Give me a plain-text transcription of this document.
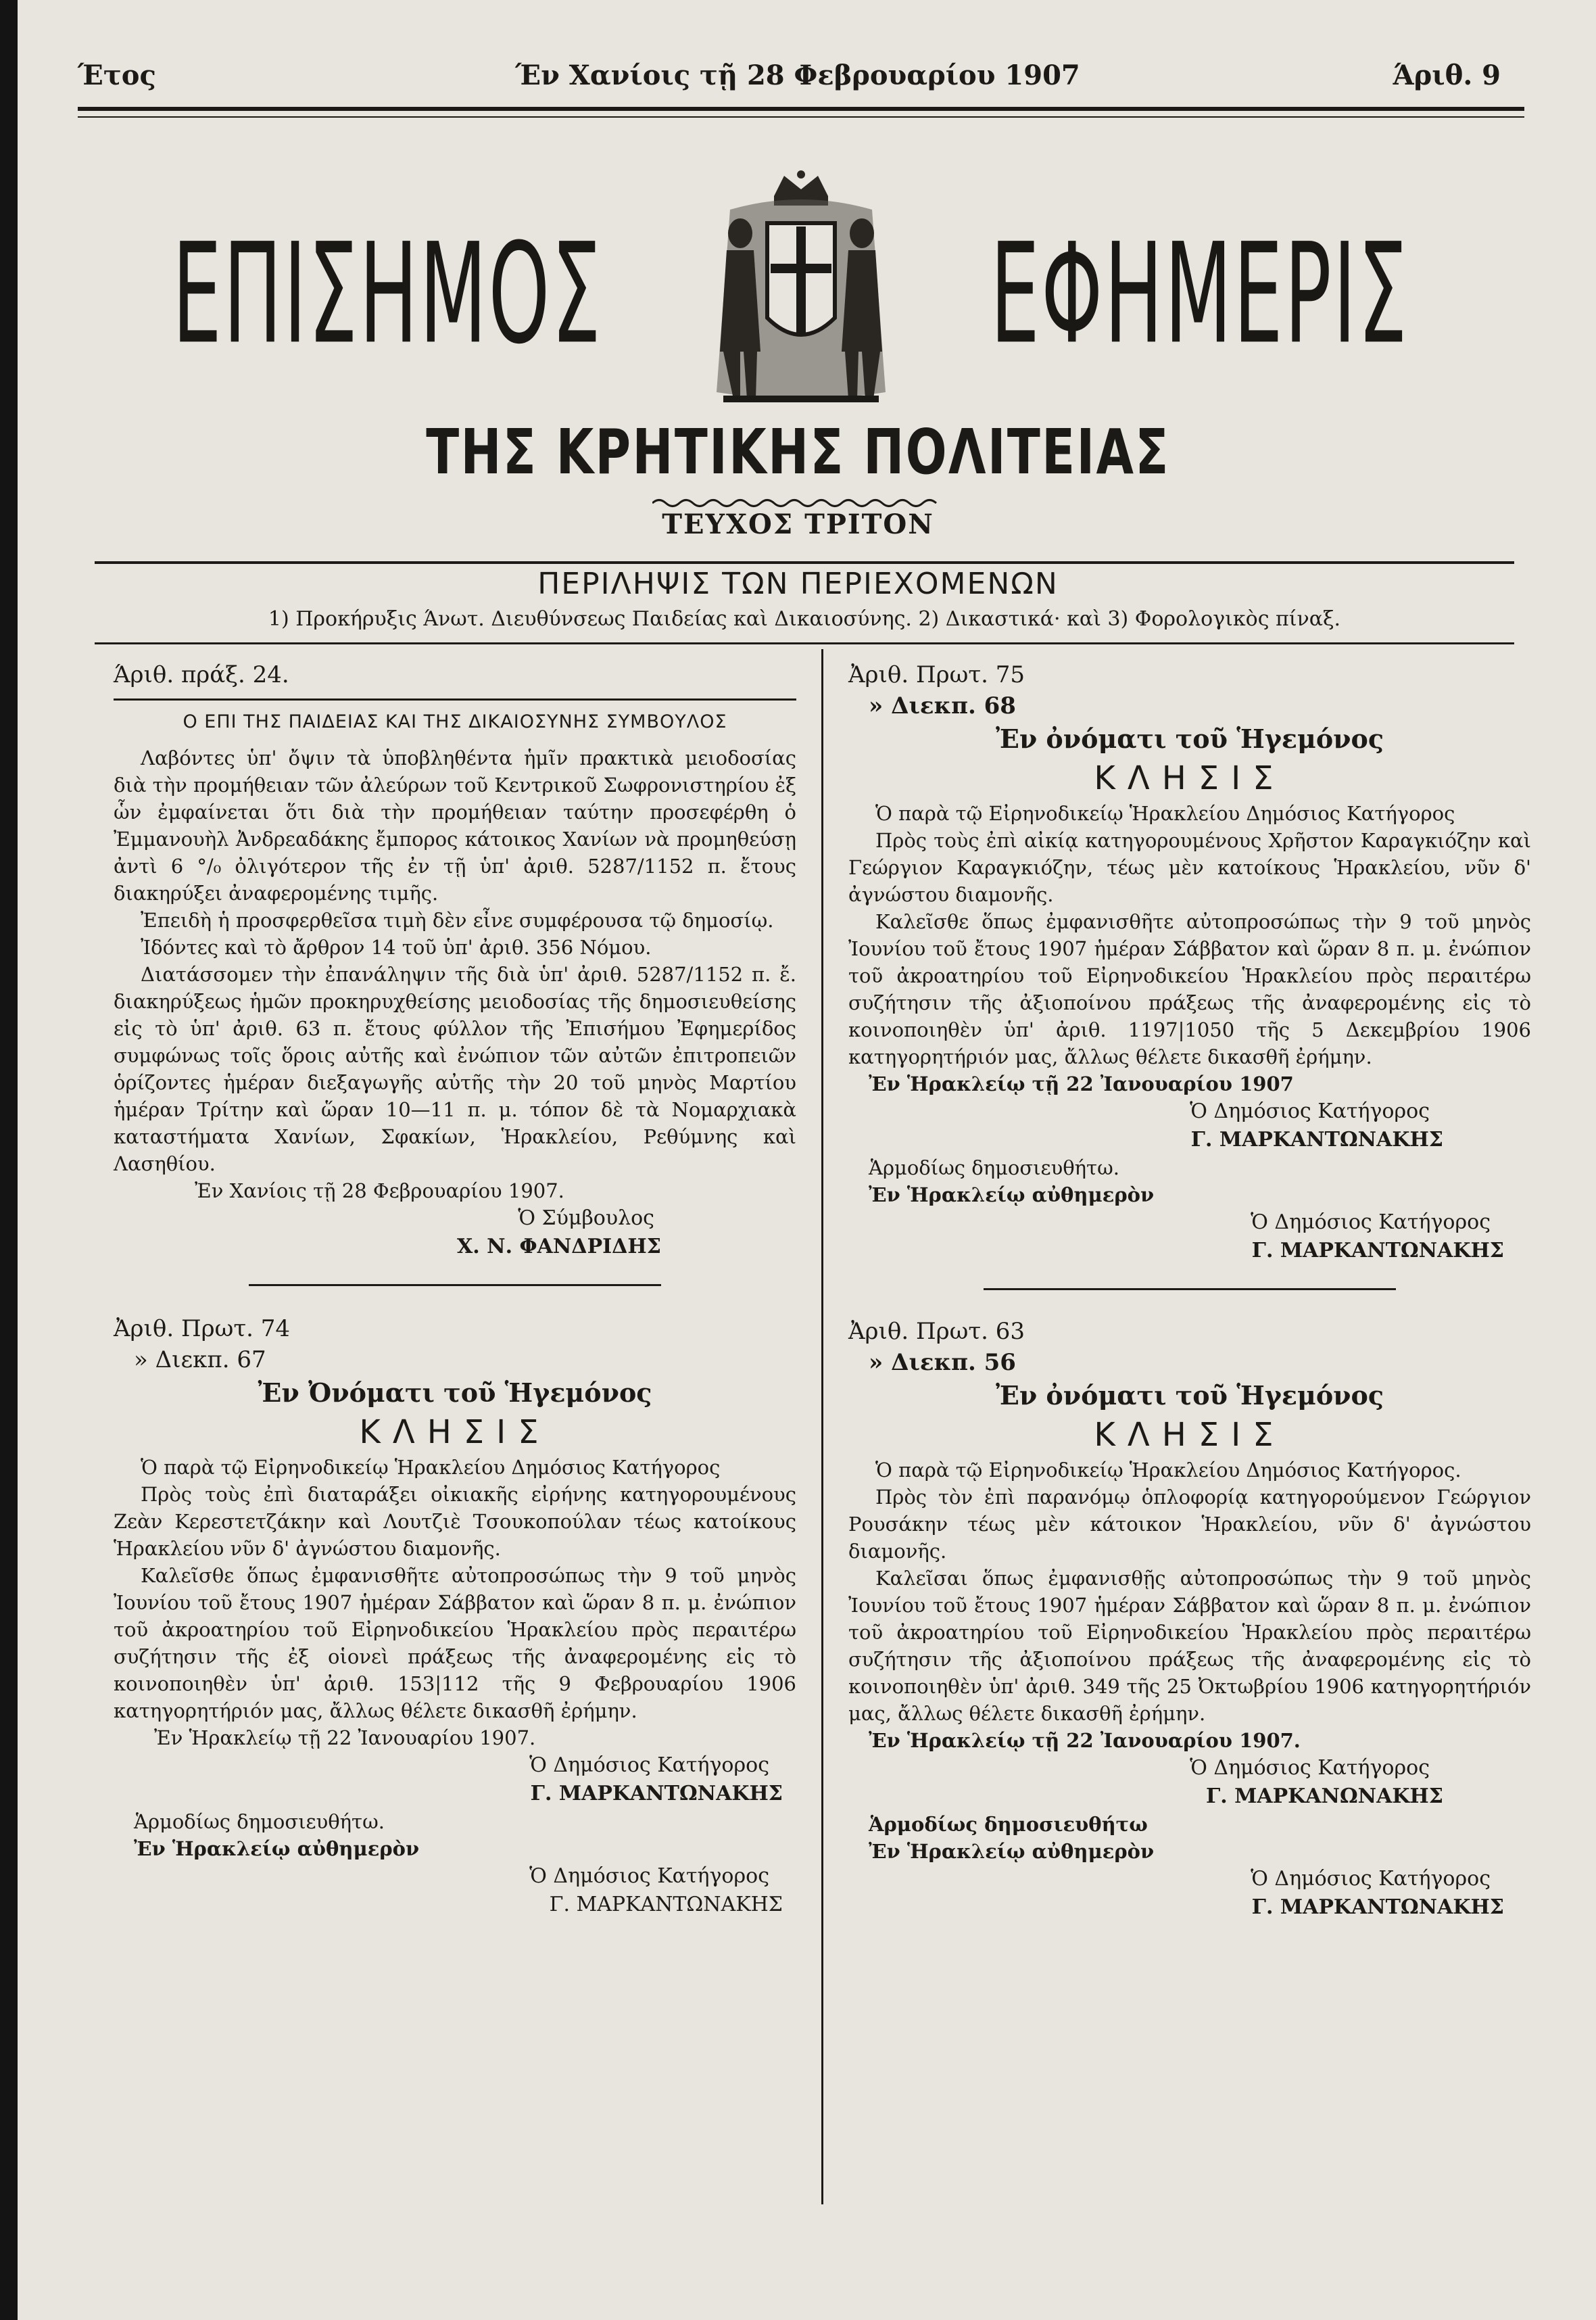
Έτος	Έν Χανίοις τῇ 28 Φεβρουαρίου 1907	Άριθ. 9
ΕΠΙΣΗΜΟΣ	ΕΦΗΜΕΡΙΣ
ΤΗΣ ΚΡΗΤΙΚΗΣ ΠΟΛΙΤΕΙΑΣ
ΤΕΥΧΟΣ ΤΡΙΤΟΝ
ΠΕΡΙΛΗΨΙΣ ΤΩΝ ΠΕΡΙΕΧΟΜΕΝΩΝ
1) Προκήρυξις Άνωτ. Διευθύνσεως Παιδείας καὶ Δικαιοσύνης. 2) Δικαστικά· καὶ 3) Φορολογικὸς πίναξ.
Άριθ. πράξ. 24.
Ο ΕΠΙ ΤΗΣ ΠΑΙΔΕΙΑΣ ΚΑΙ ΤΗΣ ΔΙΚΑΙΟΣΥΝΗΣ ΣΥΜΒΟΥΛΟΣ
Λαβόντες ὑπ' ὄψιν τὰ ὑποβληθέντα ἡμῖν πρακτικὰ μειοδοσίας διὰ τὴν προμήθειαν τῶν ἀλεύρων τοῦ Κεντρικοῦ Σωφρονιστηρίου ἐξ ὧν ἐμφαίνεται ὅτι διὰ τὴν προμήθειαν ταύτην προσεφέρθη ὁ Ἐμμανουὴλ Ἀνδρεαδάκης ἔμπορος κάτοικος Χανίων νὰ προμηθεύσῃ ἀντὶ 6 °/₀ ὀλιγότερον τῆς ἐν τῇ ὑπ' ἀριθ. 5287/1152 π. ἔτους διακηρύξει ἀναφερομένης τιμῆς.
Ἐπειδὴ ἡ προσφερθεῖσα τιμὴ δὲν εἶνε συμφέρουσα τῷ δημοσίῳ.
Ἰδόντες καὶ τὸ ἄρθρον 14 τοῦ ὑπ' ἀριθ. 356 Νόμου.
Διατάσσομεν τὴν ἐπανάληψιν τῆς διὰ ὑπ' ἀριθ. 5287/1152 π. ἔ. διακηρύξεως ἡμῶν προκηρυχθείσης μειοδοσίας τῆς δημοσιευθείσης εἰς τὸ ὑπ' ἀριθ. 63 π. ἔτους φύλλον τῆς Ἐπισήμου Ἐφημερίδος συμφώνως τοῖς ὅροις αὐτῆς καὶ ἐνώπιον τῶν αὐτῶν ἐπιτροπειῶν ὁρίζοντες ἡμέραν διεξαγωγῆς αὐτῆς τὴν 20 τοῦ μηνὸς Μαρτίου ἡμέραν Τρίτην καὶ ὥραν 10—11 π. μ. τόπον δὲ τὰ Νομαρχιακὰ καταστήματα Χανίων, Σφακίων, Ἡρακλείου, Ρεθύμνης καὶ Λασηθίου.
Ἐν Χανίοις τῇ 28 Φεβρουαρίου 1907.
Ὁ Σύμβουλος
Χ. Ν. ΦΑΝΔΡΙΔΗΣ
Ἀριθ. Πρωτ. 74
» Διεκπ. 67
Ἐν Ὀνόματι τοῦ Ἡγεμόνος
ΚΛΗΣΙΣ
Ὁ παρὰ τῷ Εἰρηνοδικείῳ Ἡρακλείου Δημόσιος Κατήγορος
Πρὸς τοὺς ἐπὶ διαταράξει οἰκιακῆς εἰρήνης κατηγορουμένους Ζεὰν Κερεστετζάκην καὶ Λουτζιὲ Τσουκοπούλαν τέως κατοίκους Ἡρακλείου νῦν δ' ἀγνώστου διαμονῆς.
Καλεῖσθε ὅπως ἐμφανισθῆτε αὐτοπροσώπως τὴν 9 τοῦ μηνὸς Ἰουνίου τοῦ ἔτους 1907 ἡμέραν Σάββατον καὶ ὥραν 8 π. μ. ἐνώπιον τοῦ ἀκροατηρίου τοῦ Εἰρηνοδικείου Ἡρακλείου πρὸς περαιτέρω συζήτησιν τῆς ἐξ οἱονεὶ πράξεως τῆς ἀναφερομένης εἰς τὸ κοινοποιηθὲν ὑπ' ἀριθ. 153|112 τῆς 9 Φεβρουαρίου 1906 κατηγορητήριόν μας, ἄλλως θέλετε δικασθῆ ἐρήμην.
Ἐν Ἡρακλείῳ τῇ 22 Ἰανουαρίου 1907.
Ὁ Δημόσιος Κατήγορος
Γ. ΜΑΡΚΑΝΤΩΝΑΚΗΣ
Ἁρμοδίως δημοσιευθήτω.
Ἐν Ἡρακλείῳ αὐθημερὸν
Ὁ Δημόσιος Κατήγορος
Γ. ΜΑΡΚΑΝΤΩΝΑΚΗΣ
Ἀριθ. Πρωτ. 75
» Διεκπ. 68
Ἐν ὀνόματι τοῦ Ἡγεμόνος
ΚΛΗΣΙΣ
Ὁ παρὰ τῷ Εἰρηνοδικείῳ Ἡρακλείου Δημόσιος Κατήγορος
Πρὸς τοὺς ἐπὶ αἰκίᾳ κατηγορουμένους Χρῆστον Καραγκιόζην καὶ Γεώργιον Καραγκιόζην, τέως μὲν κατοίκους Ἡρακλείου, νῦν δ' ἀγνώστου διαμονῆς.
Καλεῖσθε ὅπως ἐμφανισθῆτε αὐτοπροσώπως τὴν 9 τοῦ μηνὸς Ἰουνίου τοῦ ἔτους 1907 ἡμέραν Σάββατον καὶ ὥραν 8 π. μ. ἐνώπιον τοῦ ἀκροατηρίου τοῦ Εἰρηνοδικείου Ἡρακλείου πρὸς περαιτέρω συζήτησιν τῆς ἀξιοποίνου πράξεως τῆς ἀναφερομένης εἰς τὸ κοινοποιηθὲν ὑπ' ἀριθ. 1197|1050 τῆς 5 Δεκεμβρίου 1906 κατηγορητήριόν μας, ἄλλως θέλετε δικασθῆ ἐρήμην.
Ἐν Ἡρακλείῳ τῇ 22 Ἰανουαρίου 1907
Ὁ Δημόσιος Κατήγορος
Γ. ΜΑΡΚΑΝΤΩΝΑΚΗΣ
Ἁρμοδίως δημοσιευθήτω.
Ἐν Ἡρακλείῳ αὐθημερὸν
Ὁ Δημόσιος Κατήγορος
Γ. ΜΑΡΚΑΝΤΩΝΑΚΗΣ
Ἀριθ. Πρωτ. 63
» Διεκπ. 56
Ἐν ὀνόματι τοῦ Ἡγεμόνος
ΚΛΗΣΙΣ
Ὁ παρὰ τῷ Εἰρηνοδικείῳ Ἡρακλείου Δημόσιος Κατήγορος.
Πρὸς τὸν ἐπὶ παρανόμῳ ὁπλοφορίᾳ κατηγορούμενον Γεώργιον Ρουσάκην τέως μὲν κάτοικον Ἡρακλείου, νῦν δ' ἀγνώστου διαμονῆς.
Καλεῖσαι ὅπως ἐμφανισθῇς αὐτοπροσώπως τὴν 9 τοῦ μηνὸς Ἰουνίου τοῦ ἔτους 1907 ἡμέραν Σάββατον καὶ ὥραν 8 π. μ. ἐνώπιον τοῦ ἀκροατηρίου τοῦ Εἰρηνοδικείου Ἡρακλείου πρὸς περαιτέρω συζήτησιν τῆς ἀξιοποίνου πράξεως τῆς ἀναφερομένης εἰς τὸ κοινοποιηθὲν ὑπ' ἀριθ. 349 τῆς 25 Ὀκτωβρίου 1906 κατηγορητήριόν μας, ἄλλως θέλετε δικασθῆ ἐρήμην.
Ἐν Ἡρακλείῳ τῇ 22 Ἰανουαρίου 1907.
Ὁ Δημόσιος Κατήγορος
Γ. ΜΑΡΚΑΝΩΝΑΚΗΣ
Ἁρμοδίως δημοσιευθήτω
Ἐν Ἡρακλείῳ αὐθημερὸν
Ὁ Δημόσιος Κατήγορος
Γ. ΜΑΡΚΑΝΤΩΝΑΚΗΣ
